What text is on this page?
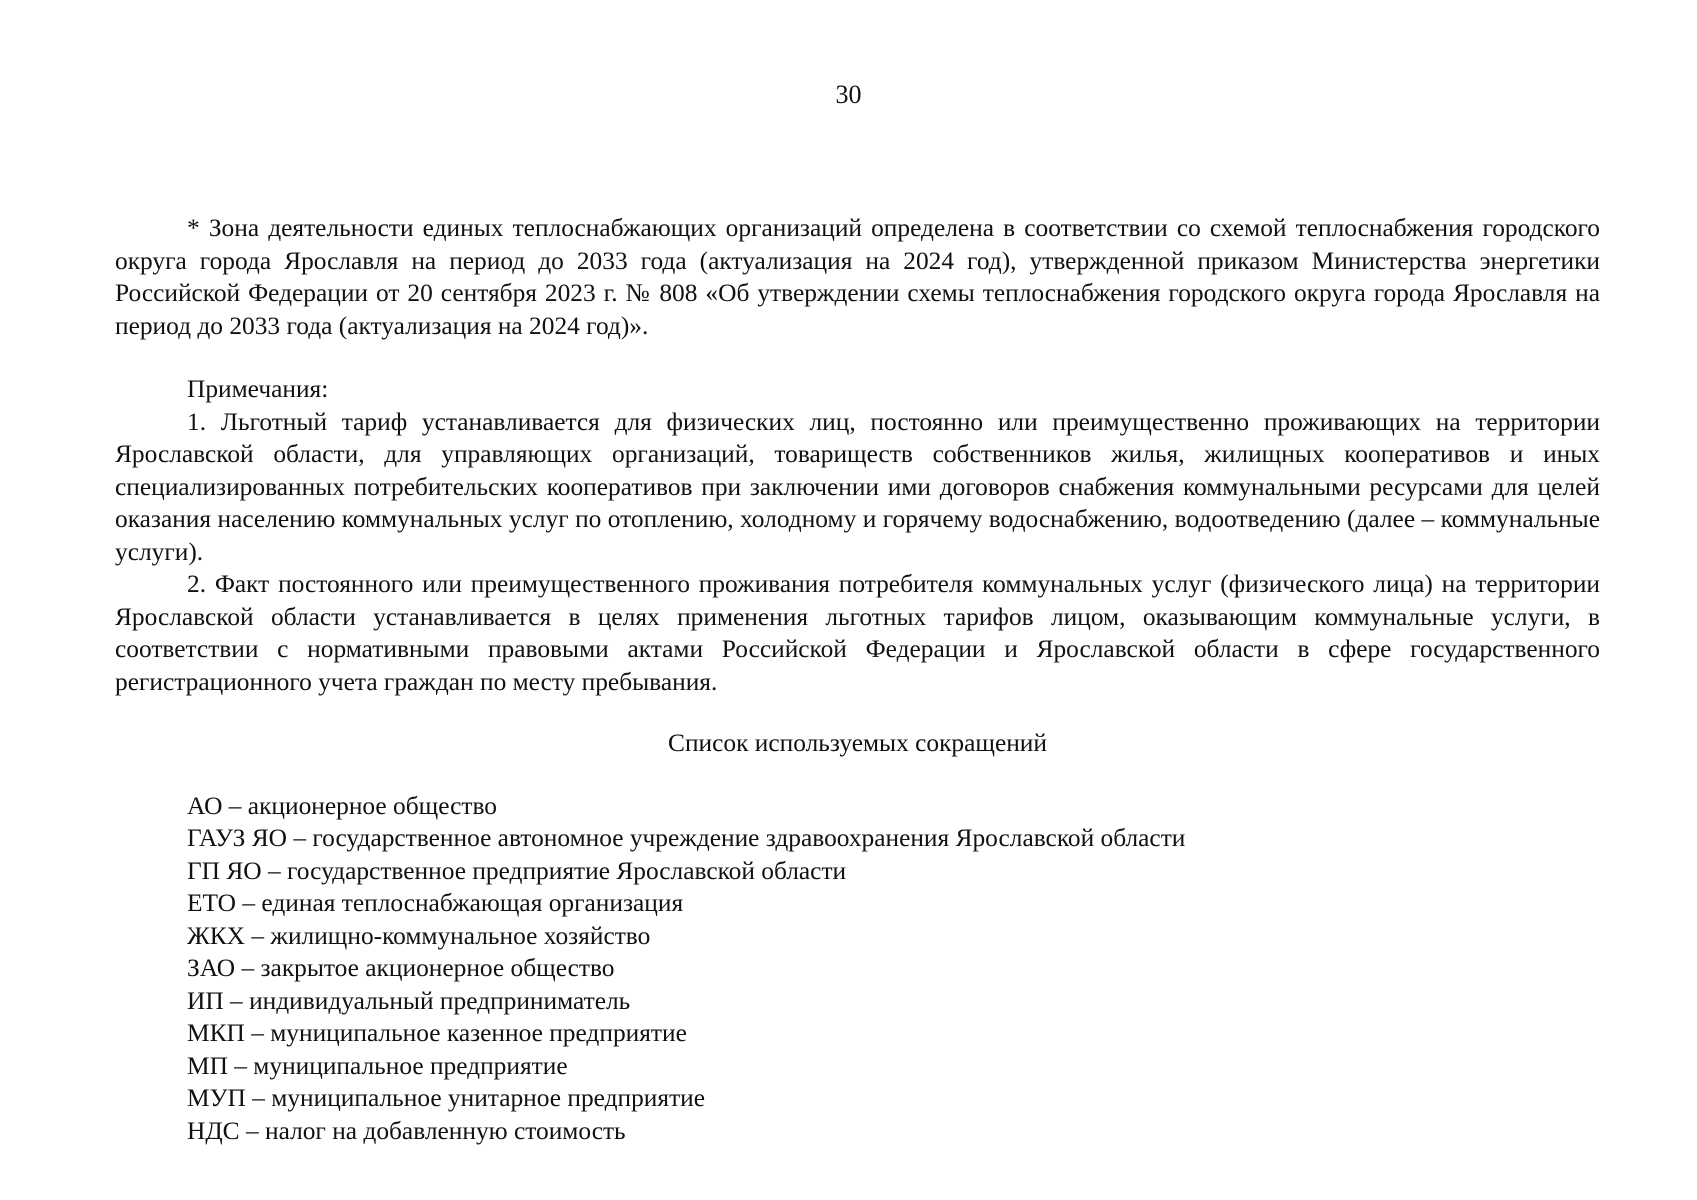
30

* Зона деятельности единых теплоснабжающих организаций определена в соответствии со схемой теплоснабжения городского округа города Ярославля на период до 2033 года (актуализация на 2024 год), утвержденной приказом Министерства энергетики Российской Федерации от 20 сентября 2023 г. № 808 «Об утверждении схемы теплоснабжения городского округа города Ярославля на период до 2033 года (актуализация на 2024 год)».

Примечания:

1. Льготный тариф устанавливается для физических лиц, постоянно или преимущественно проживающих на территории Ярославской области, для управляющих организаций, товариществ собственников жилья, жилищных кооперативов и иных специализированных потребительских кооперативов при заключении ими договоров снабжения коммунальными ресурсами для целей оказания населению коммунальных услуг по отоплению, холодному и горячему водоснабжению, водоотведению (далее – коммунальные услуги).

2. Факт постоянного или преимущественного проживания потребителя коммунальных услуг (физического лица) на территории Ярославской области устанавливается в целях применения льготных тарифов лицом, оказывающим коммунальные услуги, в соответствии с нормативными правовыми актами Российской Федерации и Ярославской области в сфере государственного регистрационного учета граждан по месту пребывания.

Список используемых сокращений

АО – акционерное общество
ГАУЗ ЯО – государственное автономное учреждение здравоохранения Ярославской области
ГП ЯО – государственное предприятие Ярославской области
ЕТО – единая теплоснабжающая организация
ЖКХ – жилищно-коммунальное хозяйство
ЗАО – закрытое акционерное общество
ИП – индивидуальный предприниматель
МКП – муниципальное казенное предприятие
МП – муниципальное предприятие
МУП – муниципальное унитарное предприятие
НДС – налог на добавленную стоимость
